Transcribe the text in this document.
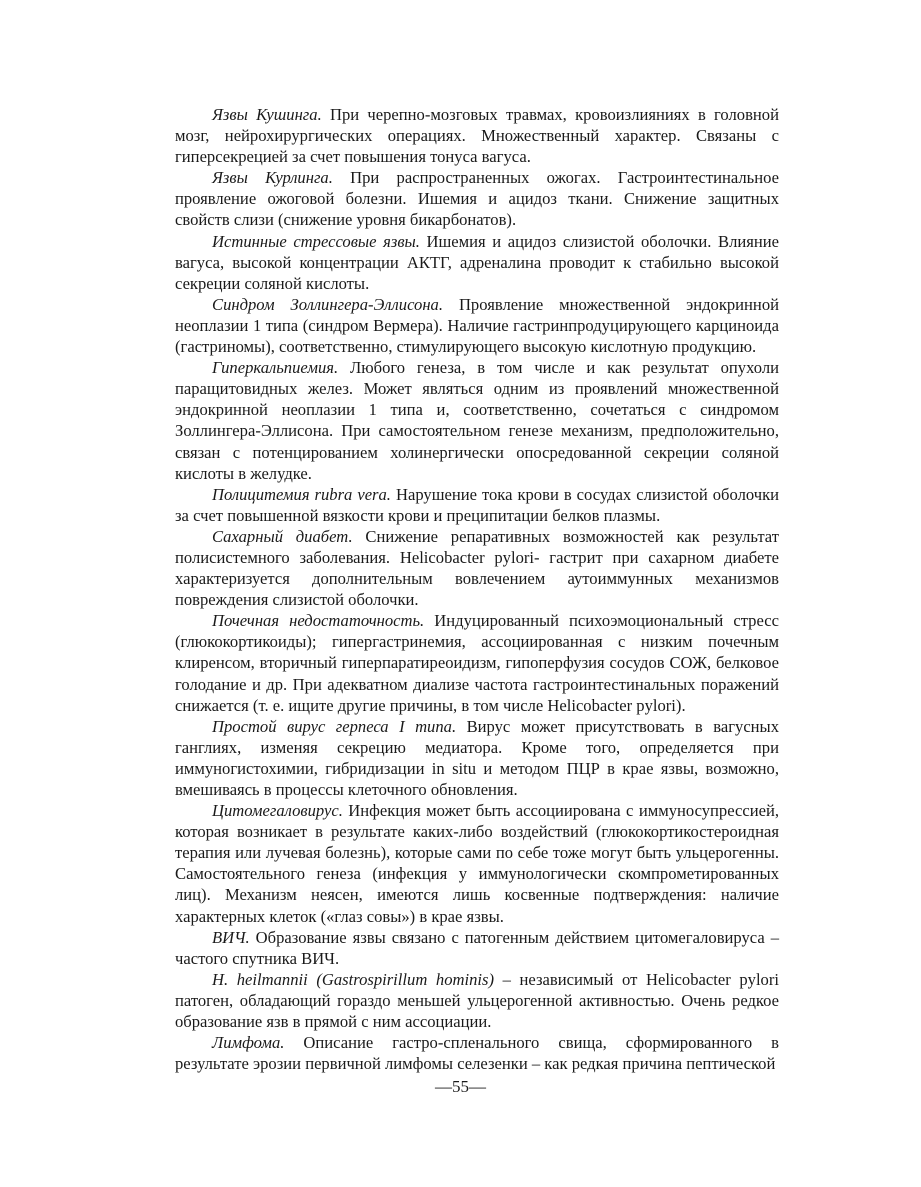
Язвы Кушинга. При черепно-мозговых травмах, кровоизлияниях в головной мозг, нейрохирургических операциях. Множественный характер. Связаны с гиперсекрецией за счет повышения тонуса вагуса.

Язвы Курлинга. При распространенных ожогах. Гастроинтестинальное проявление ожоговой болезни. Ишемия и ацидоз ткани. Снижение защитных свойств слизи (снижение уровня бикарбонатов).

Истинные стрессовые язвы. Ишемия и ацидоз слизистой оболочки. Влияние вагуса, высокой концентрации АКТГ, адреналина проводит к стабильно высокой секреции соляной кислоты.

Синдром Золлингера-Эллисона. Проявление множественной эндокринной неоплазии 1 типа (синдром Вермера). Наличие гастринпродуцирующего карциноида (гастриномы), соответственно, стимулирующего высокую кислотную продукцию.

Гиперкальпиемия. Любого генеза, в том числе и как результат опухоли паращитовидных желез. Может являться одним из проявлений множественной эндокринной неоплазии 1 типа и, соответственно, сочетаться с синдромом Золлингера-Эллисона. При самостоятельном генезе механизм, предположительно, связан с потенцированием холинергически опосредованной секреции соляной кислоты в желудке.

Полицитемия rubra vera. Нарушение тока крови в сосудах слизистой оболочки за счет повышенной вязкости крови и преципитации белков плазмы.

Сахарный диабет. Снижение репаративных возможностей как результат полисистемного заболевания. Helicobacter pylori- гастрит при сахарном диабете характеризуется дополнительным вовлечением аутоиммунных механизмов повреждения слизистой оболочки.

Почечная недостаточность. Индуцированный психоэмоциональный стресс (глюкокортикоиды); гипергастринемия, ассоциированная с низким почечным клиренсом, вторичный гиперпаратиреоидизм, гипоперфузия сосудов СОЖ, белковое голодание и др. При адекватном диализе частота гастроинтестинальных поражений снижается (т. е. ищите другие причины, в том числе Helicobacter pylori).

Простой вирус герпеса I типа. Вирус может присутствовать в вагусных ганглиях, изменяя секрецию медиатора. Кроме того, определяется при иммуногистохимии, гибридизации in situ и методом ПЦР в крае язвы, возможно, вмешиваясь в процессы клеточного обновления.

Цитомегаловирус. Инфекция может быть ассоциирована с иммуносупрессией, которая возникает в результате каких-либо воздействий (глюкокортикостероидная терапия или лучевая болезнь), которые сами по себе тоже могут быть ульцерогенны. Самостоятельного генеза (инфекция у иммунологически скомпрометированных лиц). Механизм неясен, имеются лишь косвенные подтверждения: наличие характерных клеток («глаз совы») в крае язвы.

ВИЧ. Образование язвы связано с патогенным действием цитомегаловируса – частого спутника ВИЧ.

H. heilmannii (Gastrospirillum hominis) – независимый от Helicobacter pylori патоген, обладающий гораздо меньшей ульцерогенной активностью. Очень редкое образование язв в прямой с ним ассоциации.

Лимфома. Описание гастро-спленального свища, сформированного в результате эрозии первичной лимфомы селезенки – как редкая причина пептической

—55—
